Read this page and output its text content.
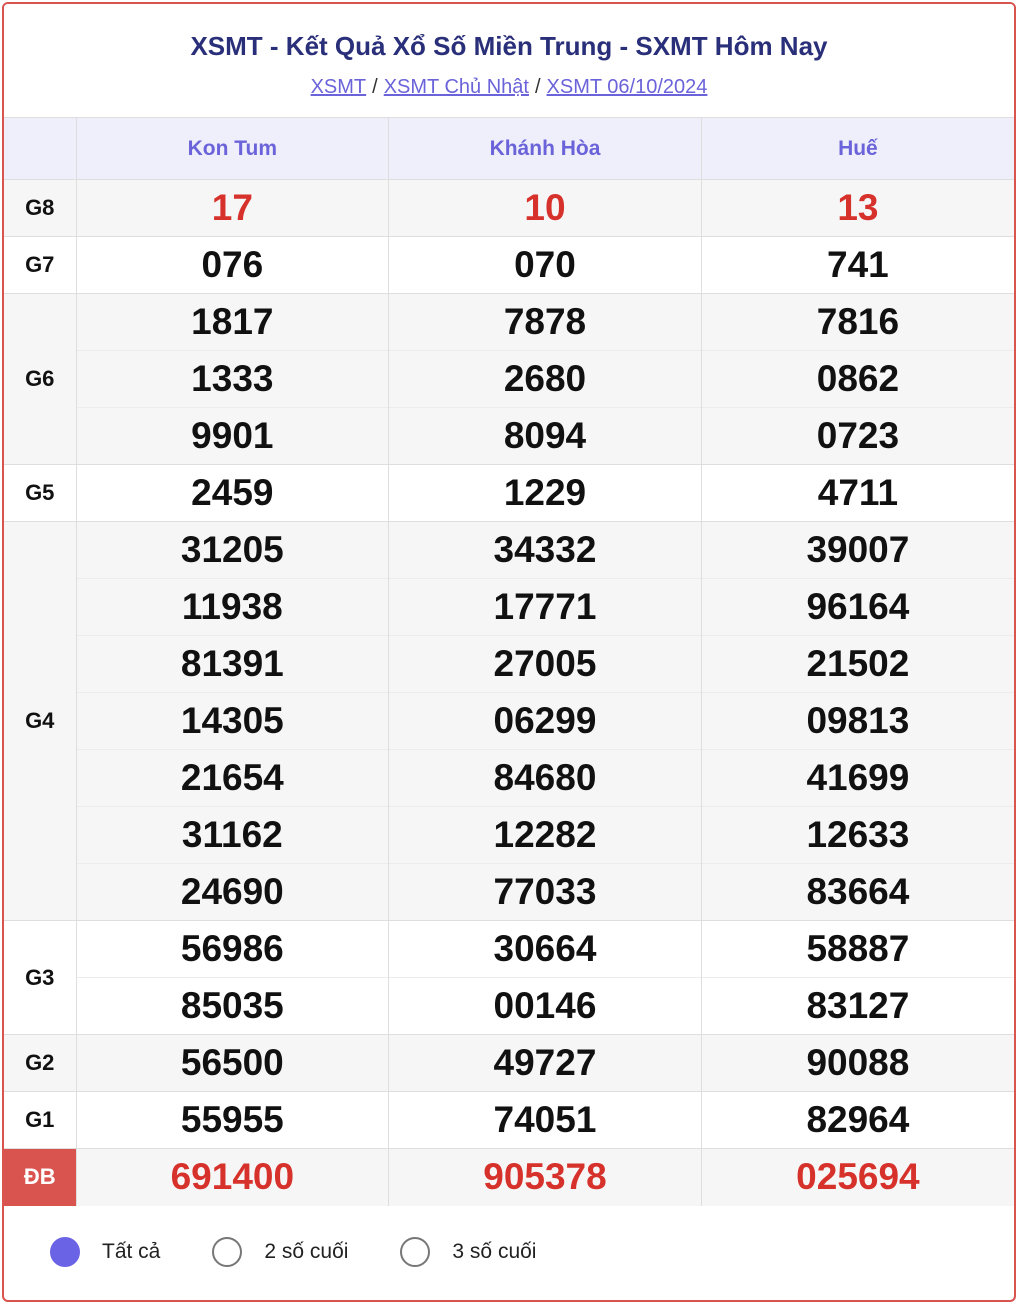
XSMT - Kết Quả Xổ Số Miền Trung - SXMT Hôm Nay
XSMT / XSMT Chủ Nhật / XSMT 06/10/2024
	Kon Tum	Khánh Hòa	Huế
G8	17	10	13
G7	076	070	741
G6	1817	7878	7816
	1333	2680	0862
	9901	8094	0723
G5	2459	1229	4711
G4	31205	34332	39007
	11938	17771	96164
	81391	27005	21502
	14305	06299	09813
	21654	84680	41699
	31162	12282	12633
	24690	77033	83664
G3	56986	30664	58887
	85035	00146	83127
G2	56500	49727	90088
G1	55955	74051	82964
ĐB	691400	905378	025694
Tất cả	2 số cuối	3 số cuối
